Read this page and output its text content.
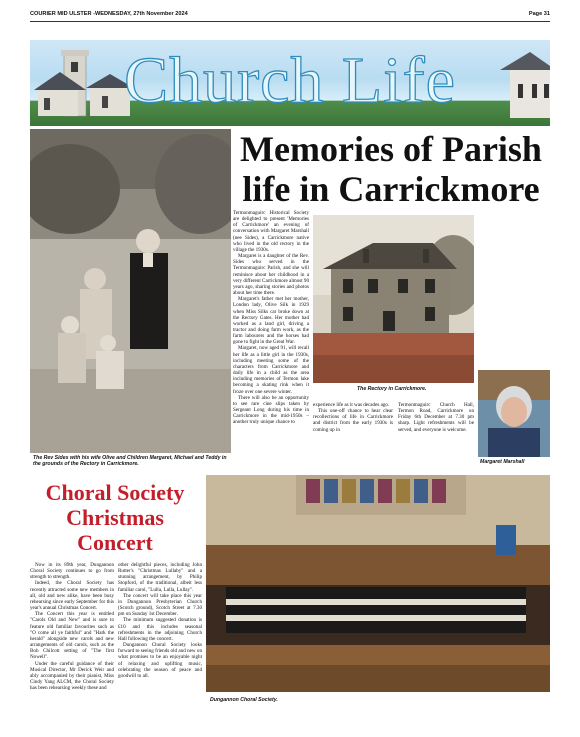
COURIER MID ULSTER -WEDNESDAY, 27th November 2024	Page 31
Church Life
The Rev Sides with his wife Olive and Children Margaret, Michael and Teddy in the grounds of the Rectory in Carrickmore.
Memories of Parish life in Carrickmore

Termonmaguirc Historical Society are delighted to present 'Memories of Carrickmore' an evening of conversation with Margaret Marshall (nee Sides), a Carrickmore native who lived in the old rectory in the village the 1930s.

Margaret is a daughter of the Rev. Sides who served in the Termonmaguirc Parish, and she will reminisce about her childhood in a very different Carrickmore almost 90 years ago, sharing stories and photos about her time there.

Margaret's father met her mother, London lady, Olive Silk in 1929 when Miss Silks car broke down at the Rectory Gates. Her mother had worked as a land girl, driving a tractor and doing farm work, as the farm labourers and the horses had gone to fight in the Great War.

Margaret, now aged 91, will recall her life as a little girl in the 1930s, including meeting some of the characters from Carrickmore and daily life in a child as the area including memories of Termon lake becoming a skating rink when it froze over one severe winter.

There will also be an opportunity to see rare cine slips taken by Sergeant Long during his time in Carrickmore in the mid-1950s – another truly unique chance to

The Rectory in Carrickmore.
Margaret Marshall

experience life as it was decades ago.

This one-off chance to hear clear recollections of life in Carrickmore and district from the early 1930s is coming up in

Termonmaguirc Church Hall, Termon Road, Carrickmore on Friday 6th December at 7.30 pm sharp. Light refreshments will be served, and everyone is welcome.

Choral Society Christmas Concert

Now in its 89th year, Dungannon Choral Society continues to go from strength to strength.

Indeed, the Choral Society has recently attracted some new members in all, old and new alike, have been busy rehearsing since early September for this year's annual Christmas Concert.

The Concert this year is entitled "Carols Old and New" and is sure to feature old familiar favourites such as "O come all ye faithful" and "Hark the herald" alongside new carols and new arrangements of old carols, such as the Bob Chilcott setting of "The first Nowell".

Under the careful guidance of their Musical Director, Mr Derick Weir and ably accompanied by their pianist, Miss Cindy Yang ALCM, the Choral Society has been rehearsing weekly these and

other delightful pieces, including John Rutter's "Christmas Lullaby" and a stunning arrangement, by Philip Stopford, of the traditional, albeit less familiar carol, "Lulla, Lulla, Lullay".

The concert will take place this year in Dungannon Presbyterian Church (Scotch ground), Scotch Street at 7.30 pm on Sunday 1st December.

The minimum suggested donation is £10 and this includes seasonal refreshments in the adjoining Church Hall following the concert.

Dungannon Choral Society looks forward to seeing friends old and new on what promises to be an enjoyable night of relaxing and uplifting music, celebrating the season of peace and goodwill to all.

Dungannon Choral Society.
